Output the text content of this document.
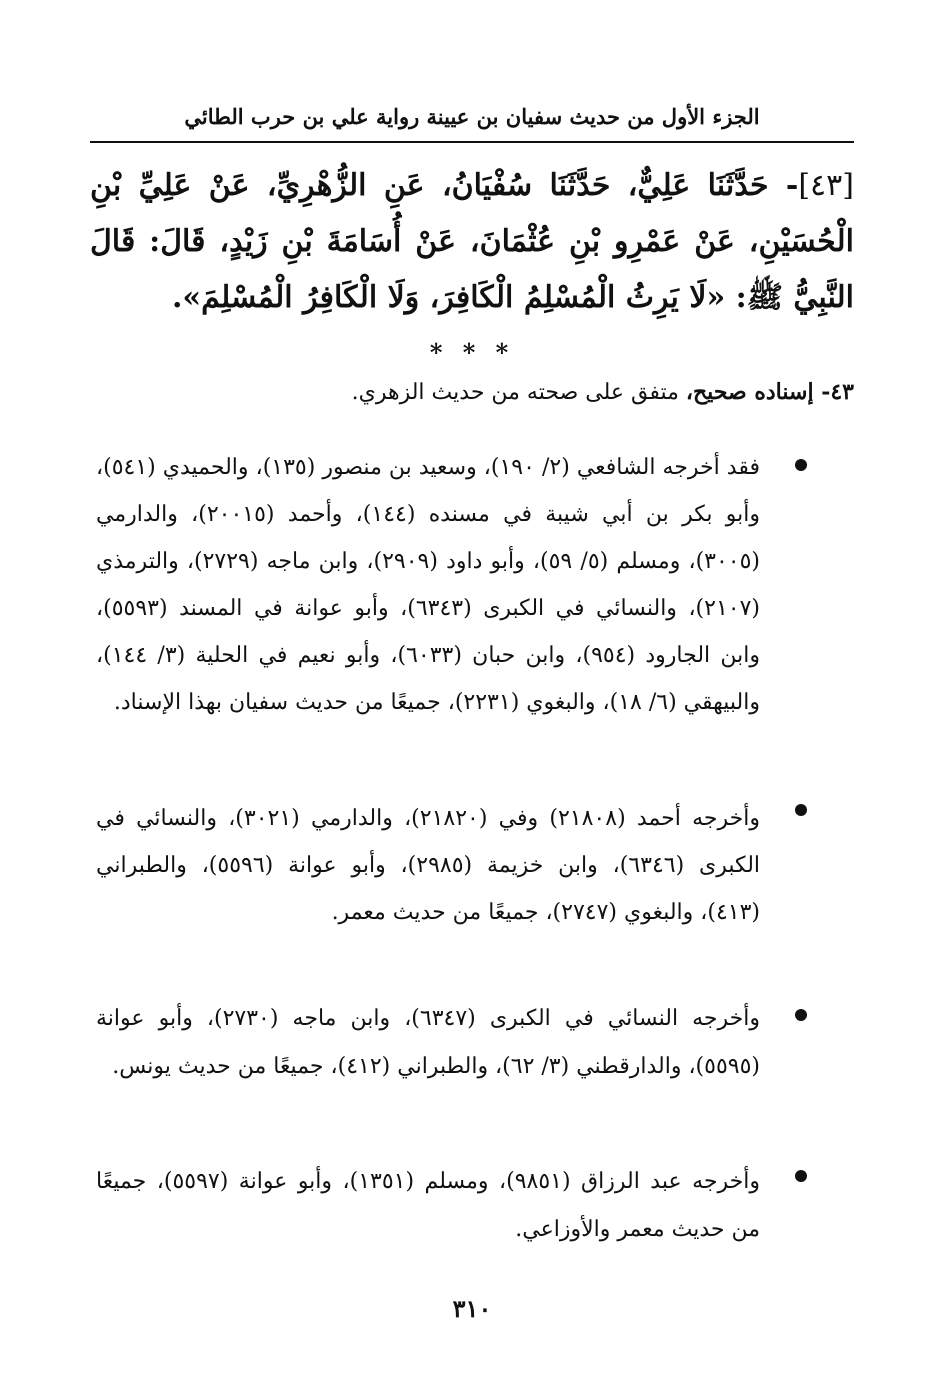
الجزء الأول من حديث سفيان بن عيينة رواية علي بن حرب الطائي
[٤٣]- حَدَّثَنَا عَلِيٌّ، حَدَّثَنَا سُفْيَانُ، عَنِ الزُّهْرِيِّ، عَنْ عَلِيِّ بْنِ الْحُسَيْنِ، عَنْ عَمْرِو بْنِ عُثْمَانَ، عَنْ أُسَامَةَ بْنِ زَيْدٍ، قَالَ: قَالَ النَّبِيُّ ﷺ: «لَا يَرِثُ الْمُسْلِمُ الْكَافِرَ، وَلَا الْكَافِرُ الْمُسْلِمَ».
* * *
٤٣- إسناده صحيح، متفق على صحته من حديث الزهري.
فقد أخرجه الشافعي (٢/ ١٩٠)، وسعيد بن منصور (١٣٥)، والحميدي (٥٤١)، وأبو بكر بن أبي شيبة في مسنده (١٤٤)، وأحمد (٢٠٠١٥)، والدارمي (٣٠٠٥)، ومسلم (٥/ ٥٩)، وأبو داود (٢٩٠٩)، وابن ماجه (٢٧٢٩)، والترمذي (٢١٠٧)، والنسائي في الكبرى (٦٣٤٣)، وأبو عوانة في المسند (٥٥٩٣)، وابن الجارود (٩٥٤)، وابن حبان (٦٠٣٣)، وأبو نعيم في الحلية (٣/ ١٤٤)، والبيهقي (٦/ ١٨)، والبغوي (٢٢٣١)، جميعًا من حديث سفيان بهذا الإسناد.
وأخرجه أحمد (٢١٨٠٨) وفي (٢١٨٢٠)، والدارمي (٣٠٢١)، والنسائي في الكبرى (٦٣٤٦)، وابن خزيمة (٢٩٨٥)، وأبو عوانة (٥٥٩٦)، والطبراني (٤١٣)، والبغوي (٢٧٤٧)، جميعًا من حديث معمر.
وأخرجه النسائي في الكبرى (٦٣٤٧)، وابن ماجه (٢٧٣٠)، وأبو عوانة (٥٥٩٥)، والدارقطني (٣/ ٦٢)، والطبراني (٤١٢)، جميعًا من حديث يونس.
وأخرجه عبد الرزاق (٩٨٥١)، ومسلم (١٣٥١)، وأبو عوانة (٥٥٩٧)، جميعًا من حديث معمر والأوزاعي.
٣١٠
